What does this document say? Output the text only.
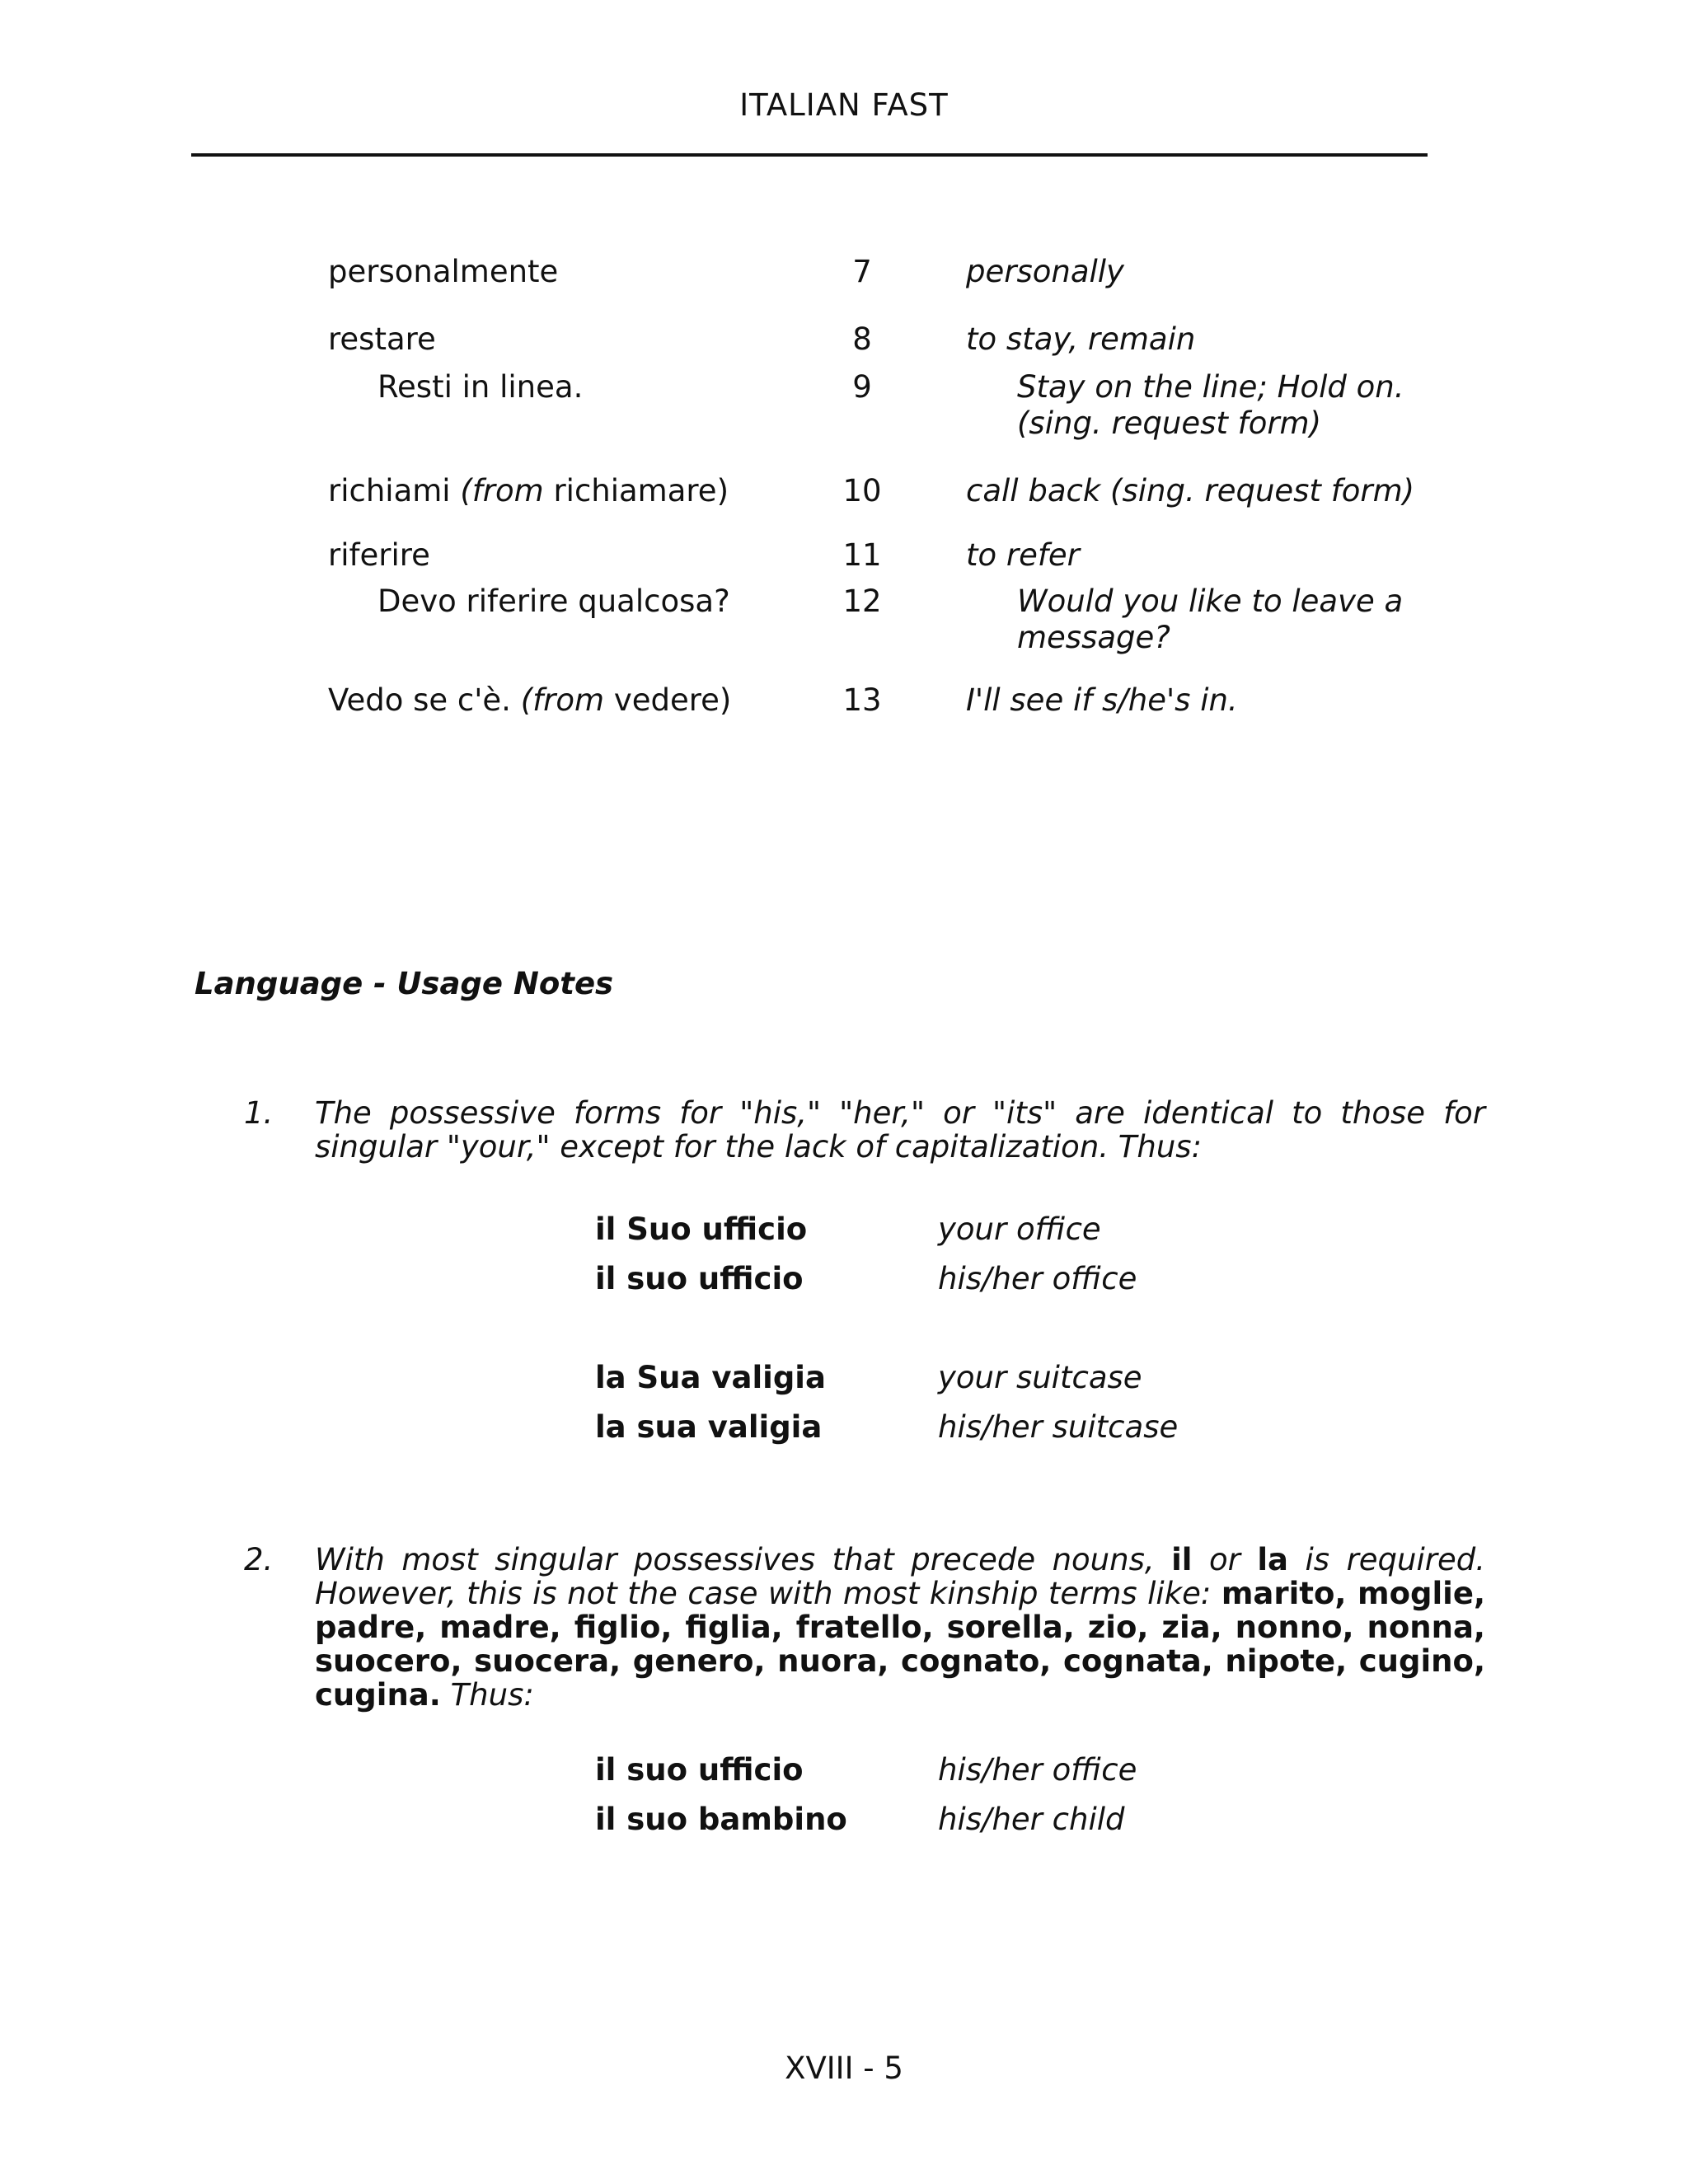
ITALIAN FAST
personalmente	7	personally
restare	8	to stay, remain
Resti in linea.	9	Stay on the line; Hold on.
(sing. request form)
richiami (from richiamare)	10	call back (sing. request form)
riferire	11	to refer
Devo riferire qualcosa?	12	Would you like to leave a
message?
Vedo se c'è. (from vedere)	13	I'll see if s/he's in.
Language - Usage Notes
1. The possessive forms for "his," "her," or "its" are identical to those for singular "your," except for the lack of capitalization. Thus:
il Suo ufficio	your office
il suo ufficio	his/her office
la Sua valigia	your suitcase
la sua valigia	his/her suitcase
2. With most singular possessives that precede nouns, il or la is required. However, this is not the case with most kinship terms like: marito, moglie, padre, madre, figlio, figlia, fratello, sorella, zio, zia, nonno, nonna, suocero, suocera, genero, nuora, cognato, cognata, nipote, cugino, cugina. Thus:
il suo ufficio	his/her office
il suo bambino	his/her child
XVIII - 5
